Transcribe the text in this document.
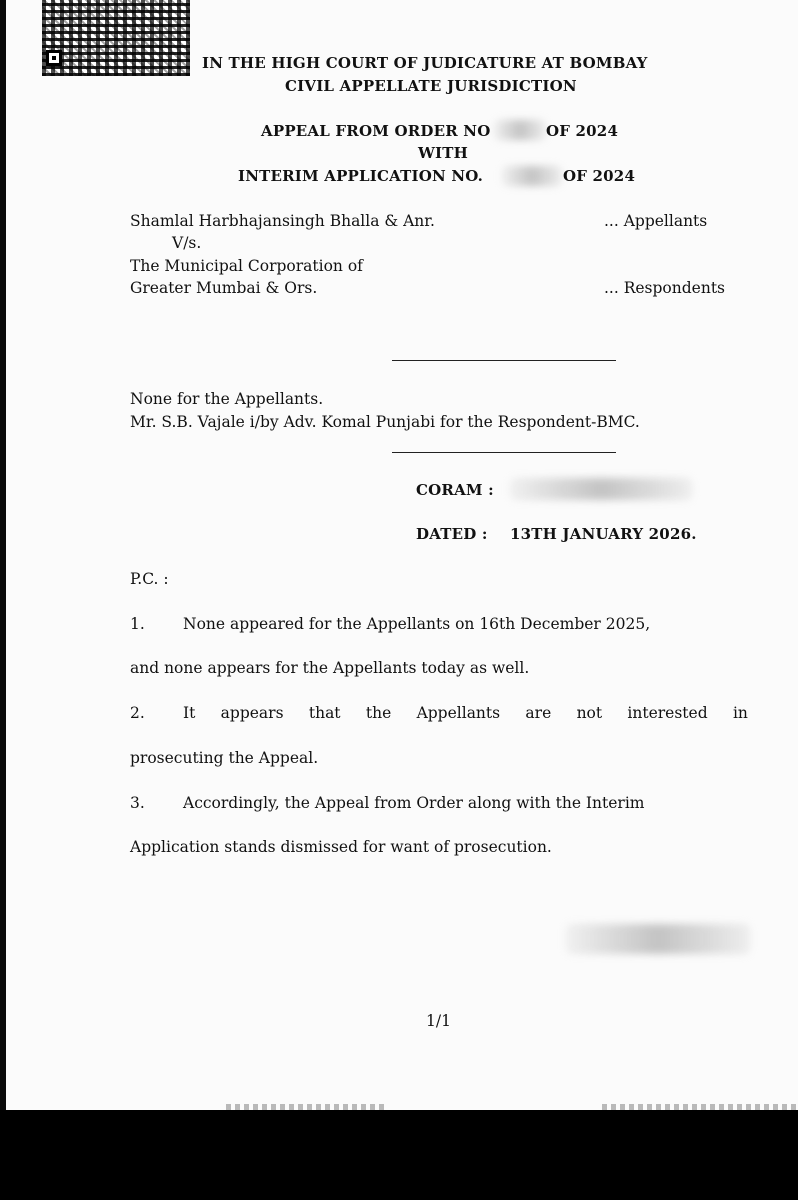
IN THE HIGH COURT OF JUDICATURE AT BOMBAY
CIVIL APPELLATE JURISDICTION
APPEAL FROM ORDER NO	OF 2024
WITH
INTERIM APPLICATION NO.	OF 2024
Shamlal Harbhajansingh Bhalla & Anr.	... Appellants
V/s.
The Municipal Corporation of
Greater Mumbai & Ors.	... Respondents
None for the Appellants.
Mr. S.B. Vajale i/by Adv. Komal Punjabi for the Respondent-BMC.
CORAM :
DATED : 13TH JANUARY 2026.
P.C. :
1. None appeared for the Appellants on 16th December 2025,
and none appears for the Appellants today as well.
2. It appears that the Appellants are not interested in
prosecuting the Appeal.
3. Accordingly, the Appeal from Order along with the Interim
Application stands dismissed for want of prosecution.
1/1
